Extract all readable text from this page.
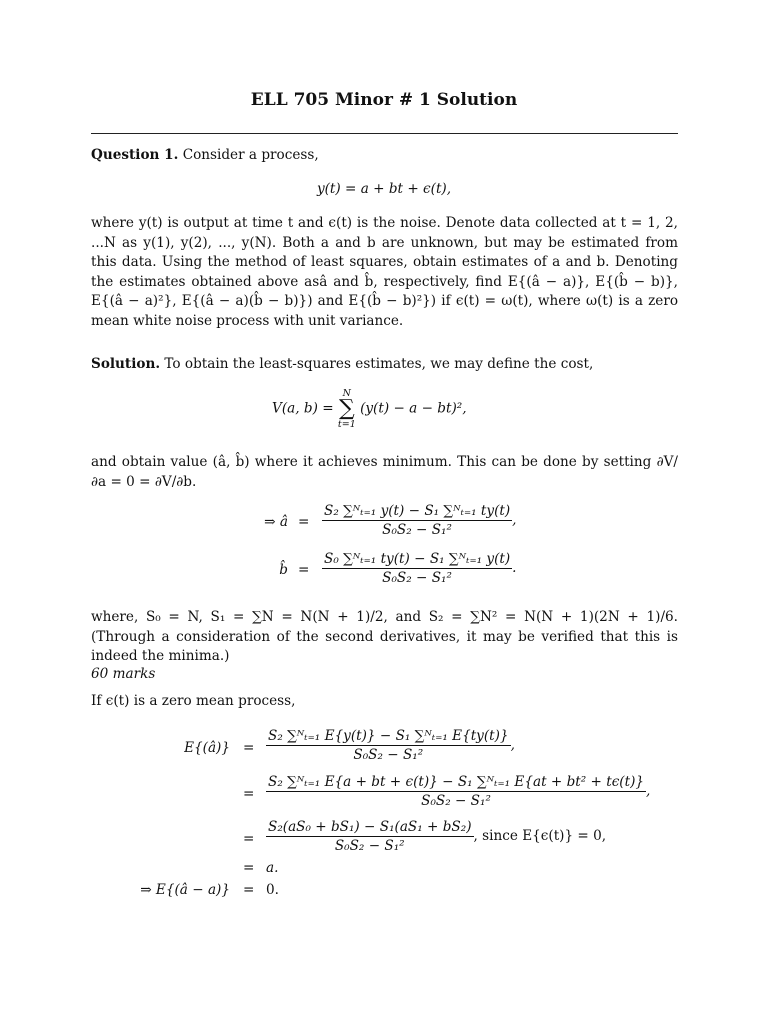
ELL 705 Minor # 1 Solution

Question 1. Consider a process,

y(t) = a + bt + ϵ(t),

where y(t) is output at time t and ϵ(t) is the noise. Denote data collected at t = 1, 2, ...N as y(1), y(2), ..., y(N). Both a and b are unknown, but may be estimated from this data. Using the method of least squares, obtain estimates of a and b. Denoting the estimates obtained above asâ and b̂, respectively, find E{(â − a)}, E{(b̂ − b)}, E{(â − a)²}, E{(â − a)(b̂ − b)}) and E{(b̂ − b)²}) if ϵ(t) = ω(t), where ω(t) is a zero mean white noise process with unit variance.

Solution. To obtain the least-squares estimates, we may define the cost,

V(a, b) =
N
∑
t=1
(y(t) − a − bt)²,

and obtain value (â, b̂) where it achieves minimum. This can be done by setting ∂V/∂a = 0 = ∂V/∂b.

⇒ â = $\frac{\text{S₂ ∑ᴺₜ₌₁ y(t) − S₁ ∑ᴺₜ₌₁ ty(t)}}{\text{S₀S₂ − S₁²}}$ ,
b̂ = $\frac{\text{S₀ ∑ᴺₜ₌₁ ty(t) − S₁ ∑ᴺₜ₌₁ y(t)}}{\text{S₀S₂ − S₁²}}$ .

where, S₀ = N, S₁ = ∑N = N(N + 1)/2, and S₂ = ∑N² = N(N + 1)(2N + 1)/6. (Through a consideration of the second derivatives, it may be verified that this is indeed the minima.)

60 marks

If ϵ(t) is a zero mean process,

E{(â)} = $\frac{\text{S₂ ∑ᴺₜ₌₁ E\{y(t)\} − S₁ ∑ᴺₜ₌₁ E\{ty(t)\}}}{\text{S₀S₂ − S₁²}}$ ,
= $\frac{\text{S₂ ∑ᴺₜ₌₁ E\{a + bt + ϵ(t)\} − S₁ ∑ᴺₜ₌₁ E\{at + bt² + tϵ(t)\}}}{\text{S₀S₂ − S₁²}}$ ,
= $\frac{\text{S₂(aS₀ + bS₁) − S₁(aS₁ + bS₂)}}{\text{S₀S₂ − S₁²}}$ , since E{ϵ(t)} = 0,
= a.
⇒ E{(â − a)} = 0.
